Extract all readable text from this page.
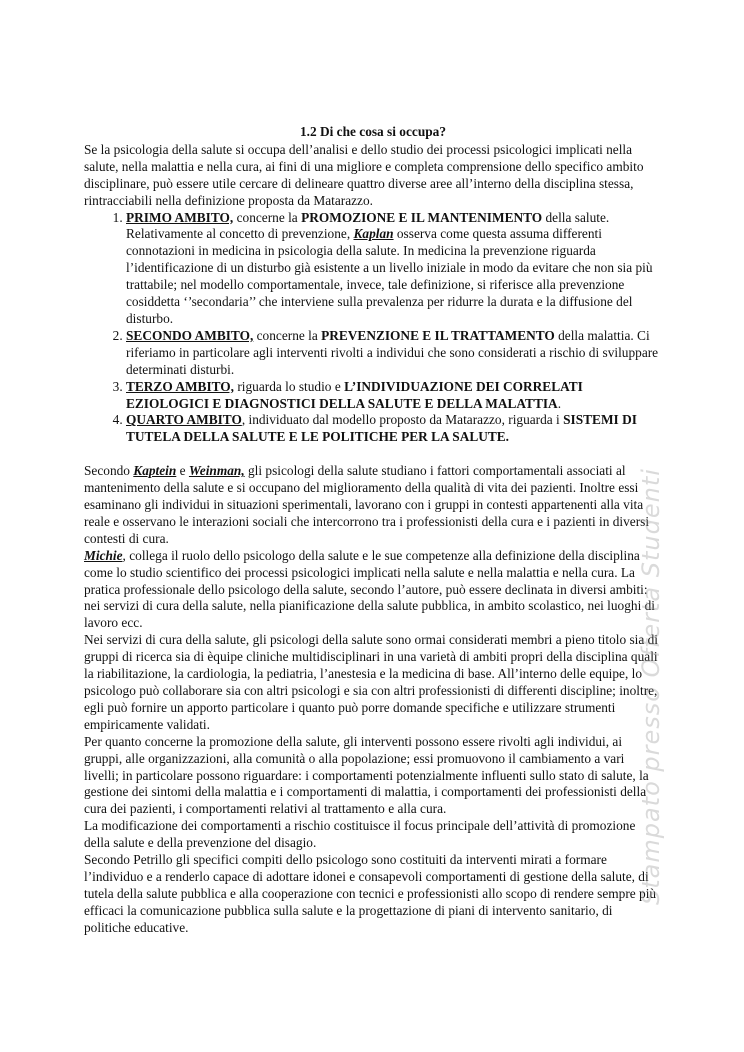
1.2 Di che cosa si occupa?

Se la psicologia della salute si occupa dell’analisi e dello studio dei processi psicologici implicati nella salute, nella malattia e nella cura, ai fini di una migliore e completa comprensione dello specifico ambito disciplinare, può essere utile cercare di delineare quattro diverse aree all’interno della disciplina stessa, rintracciabili nella definizione proposta da Matarazzo.

1. PRIMO AMBITO, concerne la PROMOZIONE E IL MANTENIMENTO della salute. Relativamente al concetto di prevenzione, Kaplan osserva come questa assuma differenti connotazioni in medicina in psicologia della salute. In medicina la prevenzione riguarda l’identificazione di un disturbo già esistente a un livello iniziale in modo da evitare che non sia più trattabile; nel modello comportamentale, invece, tale definizione, si riferisce alla prevenzione cosiddetta ‘’secondaria’’ che interviene sulla prevalenza per ridurre la durata e la diffusione del disturbo.
2. SECONDO AMBITO, concerne la PREVENZIONE E IL TRATTAMENTO della malattia. Ci riferiamo in particolare agli interventi rivolti a individui che sono considerati a rischio di sviluppare determinati disturbi.
3. TERZO AMBITO, riguarda lo studio e L’INDIVIDUAZIONE DEI CORRELATI EZIOLOGICI E DIAGNOSTICI DELLA SALUTE E DELLA MALATTIA.
4. QUARTO AMBITO, individuato dal modello proposto da Matarazzo, riguarda i SISTEMI DI TUTELA DELLA SALUTE E LE POLITICHE PER LA SALUTE.

Secondo Kaptein e Weinman, gli psicologi della salute studiano i fattori comportamentali associati al mantenimento della salute e si occupano del miglioramento della qualità di vita dei pazienti. Inoltre essi esaminano gli individui in situazioni sperimentali, lavorano con i gruppi in contesti appartenenti alla vita reale e osservano le interazioni sociali che intercorrono tra i professionisti della cura e i pazienti in diversi contesti di cura.

Michie, collega il ruolo dello psicologo della salute e le sue competenze alla definizione della disciplina come lo studio scientifico dei processi psicologici implicati nella salute e nella malattia e nella cura. La pratica professionale dello psicologo della salute, secondo l’autore, può essere declinata in diversi ambiti: nei servizi di cura della salute, nella pianificazione della salute pubblica, in ambito scolastico, nei luoghi di lavoro ecc.

Nei servizi di cura della salute, gli psicologi della salute sono ormai considerati membri a pieno titolo sia di gruppi di ricerca sia di èquipe cliniche multidisciplinari in una varietà di ambiti propri della disciplina quali la riabilitazione, la cardiologia, la pediatria, l’anestesia e la medicina di base. All’interno delle equipe, lo psicologo può collaborare sia con altri psicologi e sia con altri professionisti di differenti discipline; inoltre, egli può fornire un apporto particolare i quanto può porre domande specifiche e utilizzare strumenti empiricamente validati.

Per quanto concerne la promozione della salute, gli interventi possono essere rivolti agli individui, ai gruppi, alle organizzazioni, alla comunità o alla popolazione; essi promuovono il cambiamento a vari livelli; in particolare possono riguardare: i comportamenti potenzialmente influenti sullo stato di salute, la gestione dei sintomi della malattia e i comportamenti di malattia, i comportamenti dei professionisti della cura dei pazienti, i comportamenti relativi al trattamento e alla cura.

La modificazione dei comportamenti a rischio costituisce il focus principale dell’attività di promozione della salute e della prevenzione del disagio.

Secondo Petrillo gli specifici compiti dello psicologo sono costituiti da interventi mirati a formare l’individuo e a renderlo capace di adottare idonei e consapevoli comportamenti di gestione della salute, di tutela della salute pubblica e alla cooperazione con tecnici e professionisti allo scopo di rendere sempre più efficaci la comunicazione pubblica sulla salute e la progettazione di piani di intervento sanitario, di politiche educative.

Stampato presso Offerta Studenti
